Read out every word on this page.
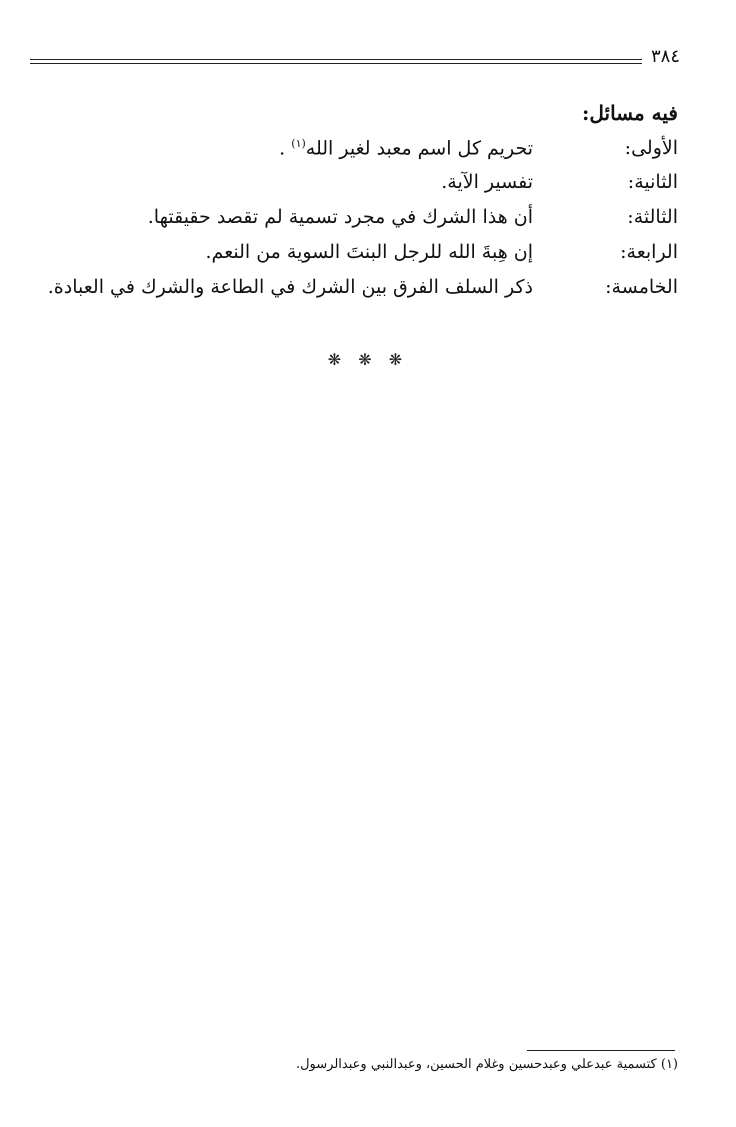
٣٨٤
فيه مسائل:
الأولى:
تحريم كل اسم معبد لغير الله$^{(١)}$ .
الثانية:
تفسير الآية.
الثالثة:
أن هذا الشرك في مجرد تسمية لم تقصد حقيقتها.
الرابعة:
إن هِبةَ الله للرجل البنتَ السوية من النعم.
الخامسة:
ذكر السلف الفرق بين الشرك في الطاعة والشرك في العبادة.
❋ ❋ ❋
(١) كتسمية عبدعلي وعبدحسين وغلام الحسين، وعبدالنبي وعبدالرسول.
